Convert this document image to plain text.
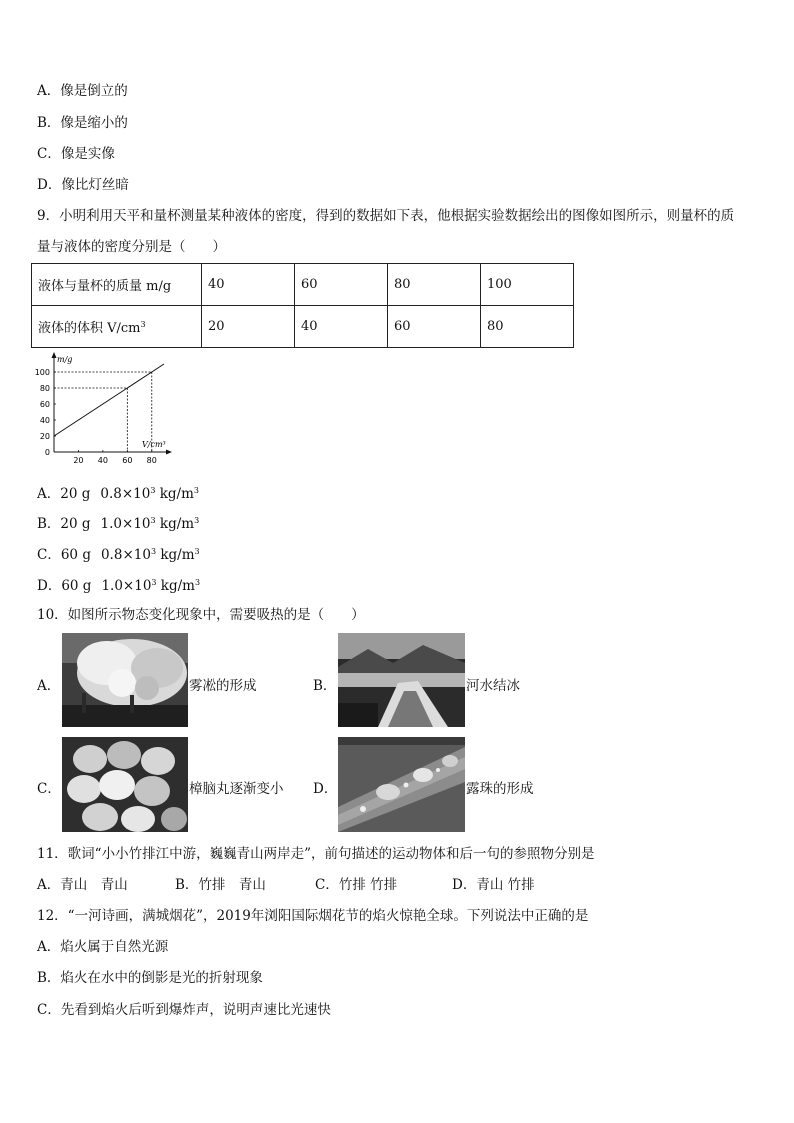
A．像是倒立的
B．像是缩小的
C．像是实像
D．像比灯丝暗
9．小明利用天平和量杯测量某种液体的密度，得到的数据如下表，他根据实验数据绘出的图像如图所示，则量杯的质
量与液体的密度分别是（　　）
液体与量杯的质量 m/g	40	60	80	100
液体的体积 $V/cm^3$	20	40	60	80
m/g
V/cm³
0
20
40
60
80
100
20 40 60 80
A．20 g $0.8\times 10^3$ $kg/m^3$
B．20 g $1.0\times 10^3$ $kg/m^3$
C．60 g $0.8\times 10^3$ $kg/m^3$
D．60 g $1.0\times 10^3$ $kg/m^3$
10．如图所示物态变化现象中，需要吸热的是（　　）
A．	雾凇的形成	B．	河水结冰
C．	樟脑丸逐渐变小 D．	露珠的形成
11．歌词“小小竹排江中游，巍巍青山两岸走”，前句描述的运动物体和后一句的参照物分别是
A．青山　青山	B．竹排　青山	C．竹排 竹排	D．青山 竹排
12．“一河诗画，满城烟花”，2019年浏阳国际烟花节的焰火惊艳全球。下列说法中正确的是
A．焰火属于自然光源
B．焰火在水中的倒影是光的折射现象
C．先看到焰火后听到爆炸声，说明声速比光速快
